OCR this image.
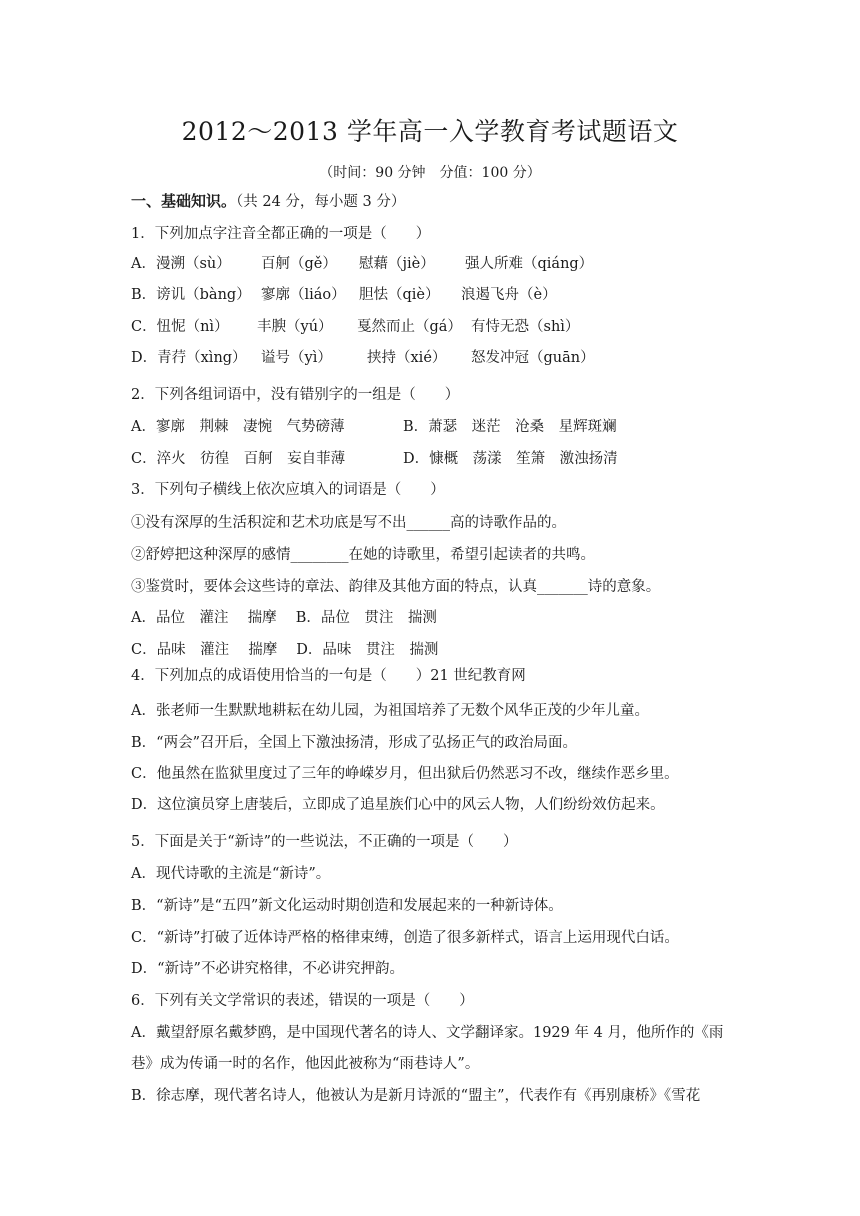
2012～2013 学年高一入学教育考试题语文
（时间：90 分钟　分值：100 分）
一、基础知识。（共 24 分，每小题 3 分）
1．下列加点字注音全都正确的一项是（　　）
A．漫溯（sù） 百舸（gě） 慰藉（jiè） 强人所难（qiáng）
B．谤讥（bàng） 寥廓（liáo） 胆怯（qiè） 浪遏飞舟（è）
C．忸怩（nì） 丰腴（yú） 戛然而止（gá） 有恃无恐（shì）
D．青荇（xìng） 谥号（yì） 挟持（xié） 怒发冲冠（guān）
2．下列各组词语中，没有错别字的一组是（　　）
A．寥廓　荆棘　凄惋　气势磅薄	B．萧瑟　迷茫　沧桑　星辉斑斓
C．淬火　彷徨　百舸　妄自菲薄	D．慷概　荡漾　笙箫　激浊扬清
3．下列句子横线上依次应填入的词语是（　　）
①没有深厚的生活积淀和艺术功底是写不出______高的诗歌作品的。
②舒婷把这种深厚的感情________在她的诗歌里，希望引起读者的共鸣。
③鉴赏时，要体会这些诗的章法、韵律及其他方面的特点，认真_______诗的意象。
A．品位　灌注　 揣摩　 B．品位　贯注　揣测
C．品味　灌注　 揣摩　 D．品味　贯注　揣测
4．下列加点的成语使用恰当的一句是（　　）21 世纪教育网
A．张老师一生默默地耕耘在幼儿园，为祖国培养了无数个风华正茂的少年儿童。
B．“两会”召开后，全国上下激浊扬清，形成了弘扬正气的政治局面。
C．他虽然在监狱里度过了三年的峥嵘岁月，但出狱后仍然恶习不改，继续作恶乡里。
D．这位演员穿上唐装后，立即成了追星族们心中的风云人物，人们纷纷效仿起来。
5．下面是关于“新诗”的一些说法，不正确的一项是（　　）
A．现代诗歌的主流是“新诗”。
B．“新诗”是“五四”新文化运动时期创造和发展起来的一种新诗体。
C．“新诗”打破了近体诗严格的格律束缚，创造了很多新样式，语言上运用现代白话。
D．“新诗”不必讲究格律，不必讲究押韵。
6．下列有关文学常识的表述，错误的一项是（　　）
A．戴望舒原名戴梦鸥，是中国现代著名的诗人、文学翻译家。1929 年 4 月，他所作的《雨
巷》成为传诵一时的名作，他因此被称为“雨巷诗人”。
B．徐志摩，现代著名诗人，他被认为是新月诗派的“盟主”，代表作有《再别康桥》《雪花
